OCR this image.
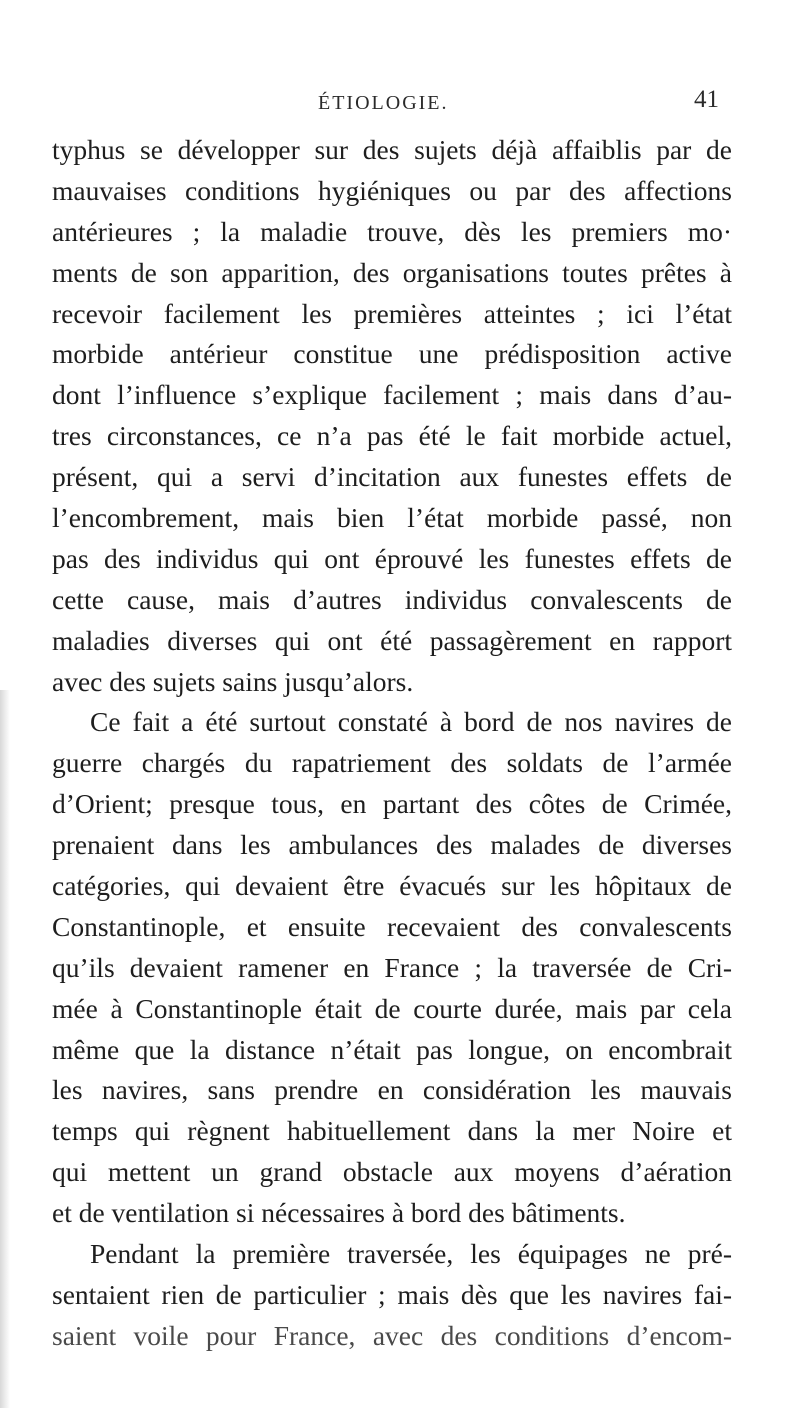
ÉTIOLOGIE.	41
typhus se développer sur des sujets déjà affaiblis par de
mauvaises conditions hygiéniques ou par des affections
antérieures ; la maladie trouve, dès les premiers mo·
ments de son apparition, des organisations toutes prêtes à
recevoir facilement les premières atteintes ; ici l’état
morbide antérieur constitue une prédisposition active
dont l’influence s’explique facilement ; mais dans d’au-
tres circonstances, ce n’a pas été le fait morbide actuel,
présent, qui a servi d’incitation aux funestes effets de
l’encombrement, mais bien l’état morbide passé, non
pas des individus qui ont éprouvé les funestes effets de
cette cause, mais d’autres individus convalescents de
maladies diverses qui ont été passagèrement en rapport
avec des sujets sains jusqu’alors.
Ce fait a été surtout constaté à bord de nos navires de
guerre chargés du rapatriement des soldats de l’armée
d’Orient; presque tous, en partant des côtes de Crimée,
prenaient dans les ambulances des malades de diverses
catégories, qui devaient être évacués sur les hôpitaux de
Constantinople, et ensuite recevaient des convalescents
qu’ils devaient ramener en France ; la traversée de Cri-
mée à Constantinople était de courte durée, mais par cela
même que la distance n’était pas longue, on encombrait
les navires, sans prendre en considération les mauvais
temps qui règnent habituellement dans la mer Noire et
qui mettent un grand obstacle aux moyens d’aération
et de ventilation si nécessaires à bord des bâtiments.
Pendant la première traversée, les équipages ne pré-
sentaient rien de particulier ; mais dès que les navires fai-
saient voile pour France, avec des conditions d’encom-
